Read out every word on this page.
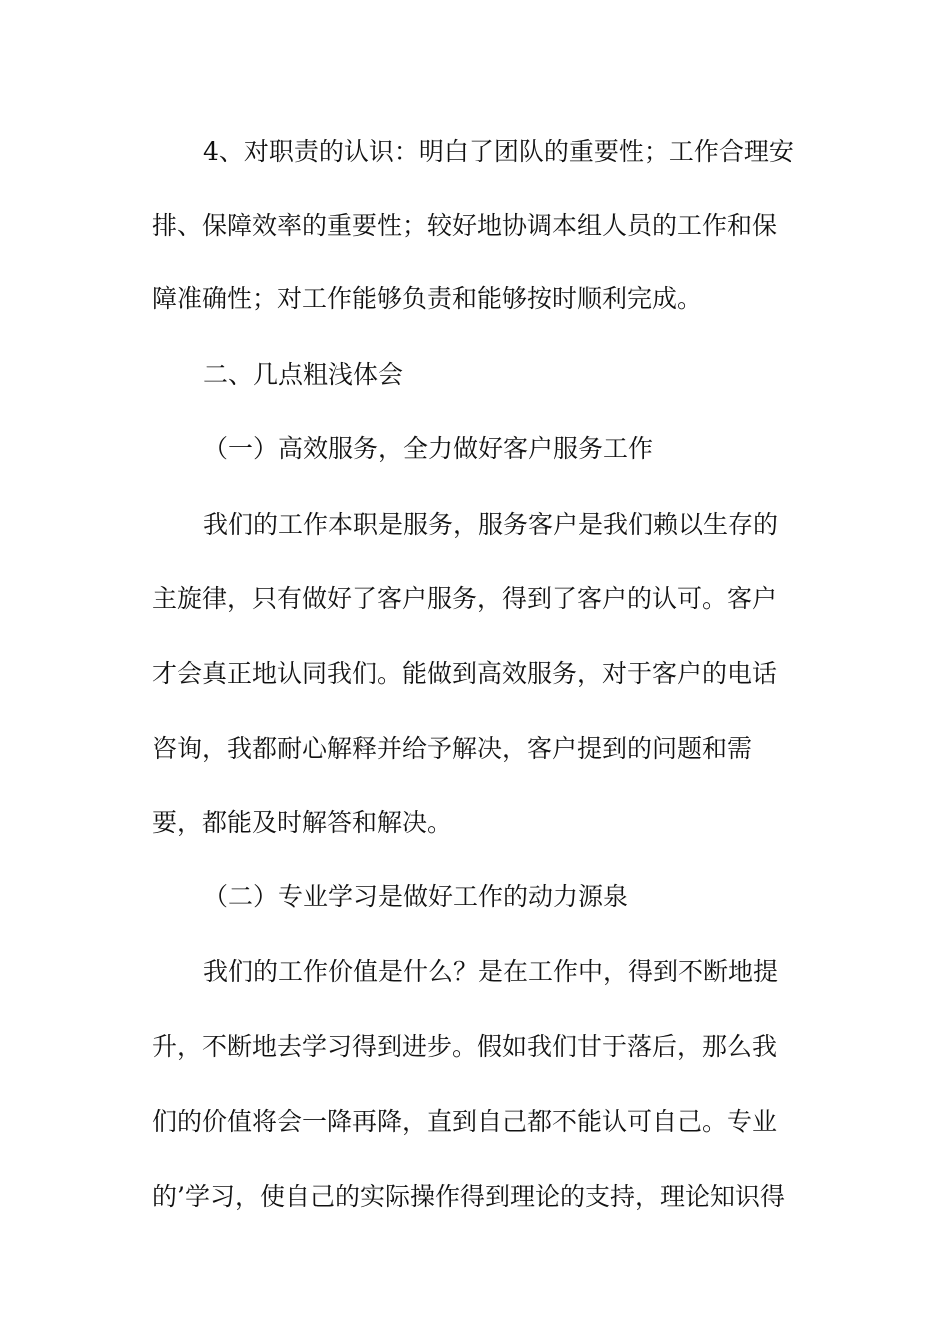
4、对职责的认识：明白了团队的重要性；工作合理安

排、保障效率的重要性；较好地协调本组人员的工作和保

障准确性；对工作能够负责和能够按时顺利完成。

二、几点粗浅体会

（一）高效服务，全力做好客户服务工作

我们的工作本职是服务，服务客户是我们赖以生存的

主旋律，只有做好了客户服务，得到了客户的认可。客户

才会真正地认同我们。能做到高效服务，对于客户的电话

咨询，我都耐心解释并给予解决，客户提到的问题和需

要，都能及时解答和解决。

（二）专业学习是做好工作的动力源泉

我们的工作价值是什么？是在工作中，得到不断地提

升，不断地去学习得到进步。假如我们甘于落后，那么我

们的价值将会一降再降，直到自己都不能认可自己。专业

的’学习，使自己的实际操作得到理论的支持，理论知识得
